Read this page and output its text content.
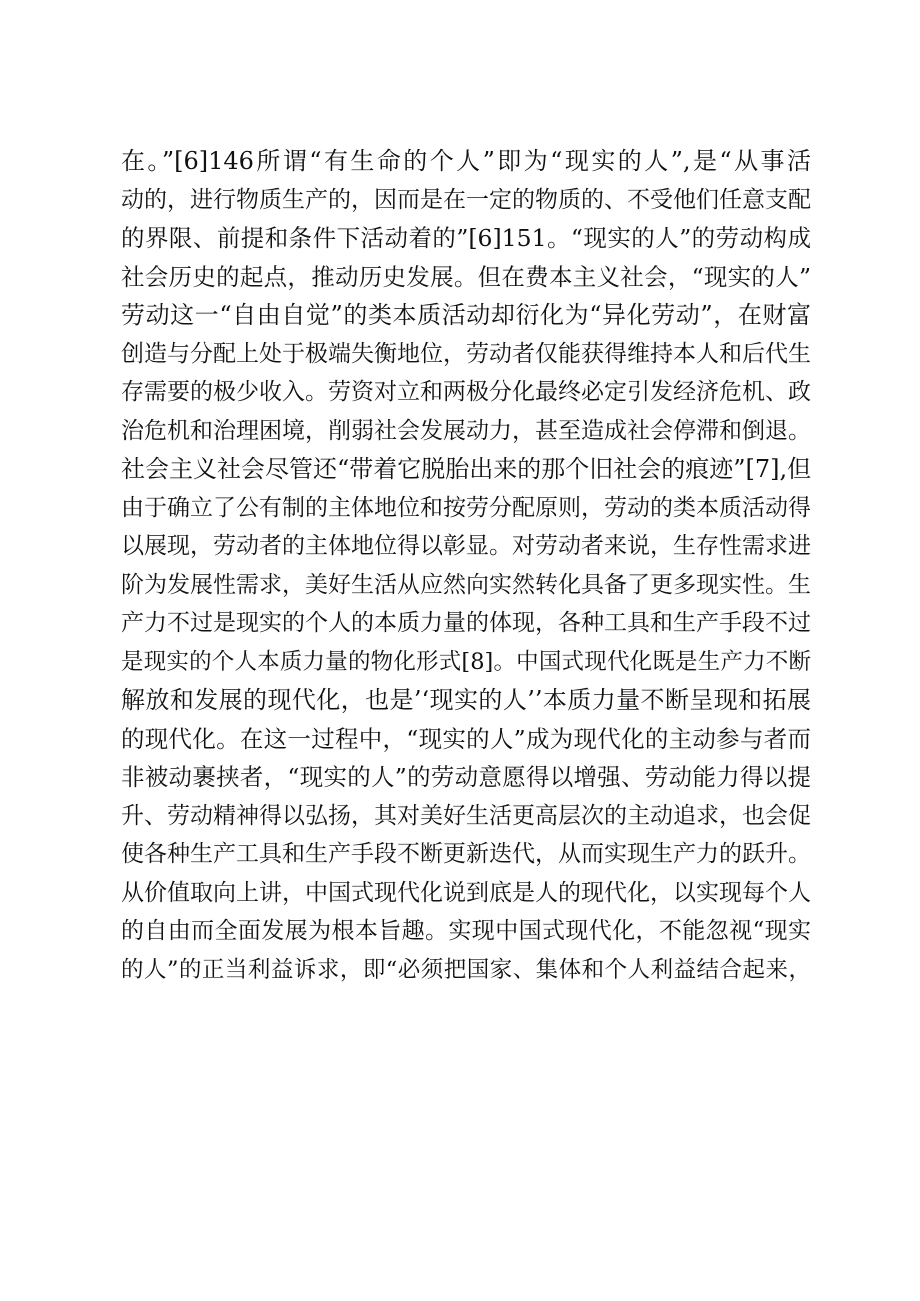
在。”[6]146所谓“有生命的个人”即为“现实的人”,是“从事活
动的，进行物质生产的，因而是在一定的物质的、不受他们任意支配
的界限、前提和条件下活动着的”[6]151。“现实的人”的劳动构成
社会历史的起点，推动历史发展。但在费本主义社会，“现实的人”
劳动这一“自由自觉”的类本质活动却衍化为“异化劳动”，在财富
创造与分配上处于极端失衡地位，劳动者仅能获得维持本人和后代生
存需要的极少收入。劳资对立和两极分化最终必定引发经济危机、政
治危机和治理困境，削弱社会发展动力，甚至造成社会停滞和倒退。
社会主义社会尽管还“带着它脱胎出来的那个旧社会的痕迹”[7],但
由于确立了公有制的主体地位和按劳分配原则，劳动的类本质活动得
以展现，劳动者的主体地位得以彰显。对劳动者来说，生存性需求进
阶为发展性需求，美好生活从应然向实然转化具备了更多现实性。生
产力不过是现实的个人的本质力量的体现，各种工具和生产手段不过
是现实的个人本质力量的物化形式[8]。中国式现代化既是生产力不断
解放和发展的现代化，也是’‘现实的人’’本质力量不断呈现和拓展
的现代化。在这一过程中，“现实的人”成为现代化的主动参与者而
非被动裹挟者，“现实的人”的劳动意愿得以增强、劳动能力得以提
升、劳动精神得以弘扬，其对美好生活更高层次的主动追求，也会促
使各种生产工具和生产手段不断更新迭代，从而实现生产力的跃升。
从价值取向上讲，中国式现代化说到底是人的现代化，以实现每个人
的自由而全面发展为根本旨趣。实现中国式现代化，不能忽视“现实
的人”的正当利益诉求，即“必须把国家、集体和个人利益结合起来，
